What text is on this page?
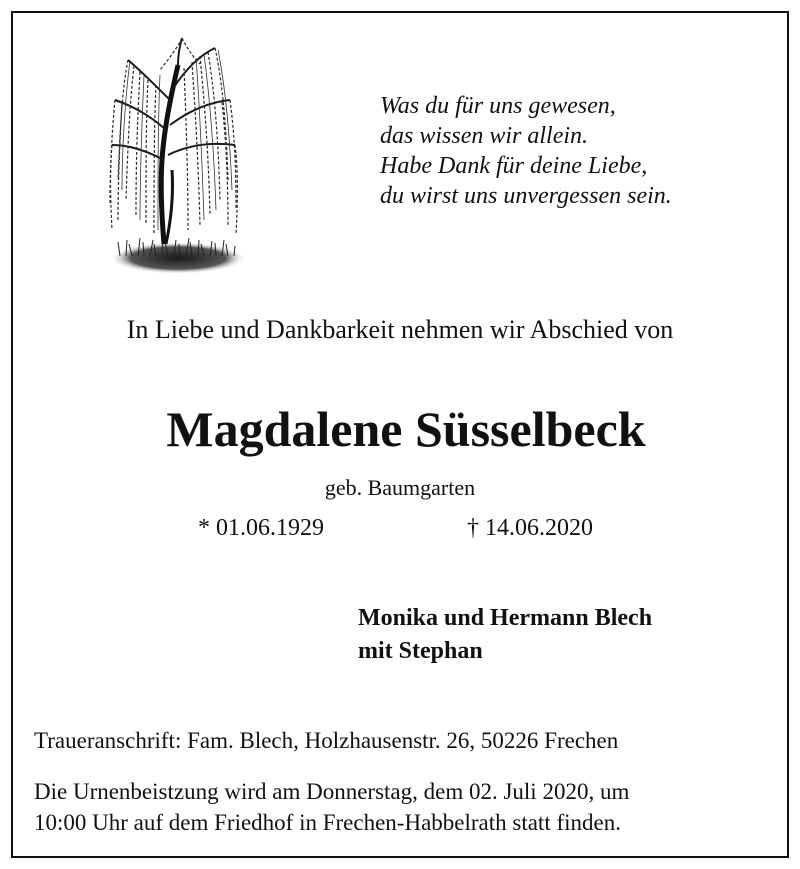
Was du für uns gewesen,
das wissen wir allein.
Habe Dank für deine Liebe,
du wirst uns unvergessen sein.
In Liebe und Dankbarkeit nehmen wir Abschied von
Magdalene Süsselbeck
geb. Baumgarten
* 01.06.1929	† 14.06.2020
Monika und Hermann Blech
mit Stephan
Traueranschrift: Fam. Blech, Holzhausenstr. 26, 50226 Frechen
Die Urnenbeistzung wird am Donnerstag, dem 02. Juli 2020, um
10:00 Uhr auf dem Friedhof in Frechen-Habbelrath statt finden.
